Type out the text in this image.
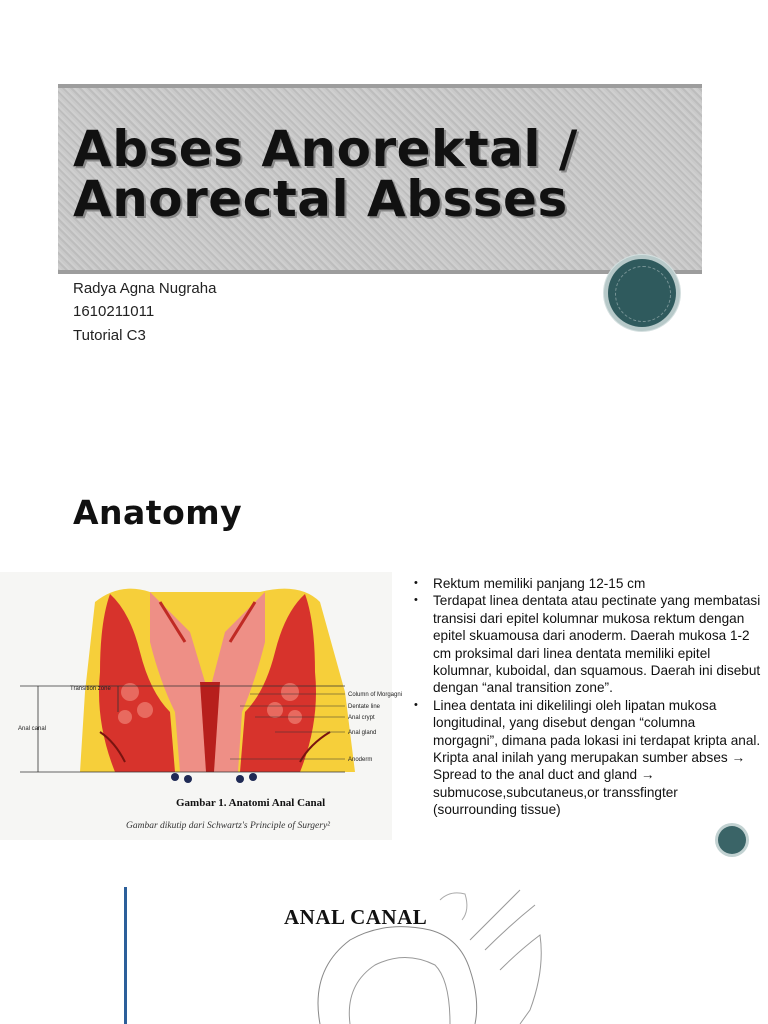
Abses Anorektal /
Anorectal Absses
Radya Agna Nugraha
1610211011
Tutorial C3
Anatomy
Transition zone
Anal canal
Column of Morgagni
Dentate line
Anal crypt
Anal gland
Anoderm
Gambar 1. Anatomi Anal Canal
Gambar dikutip dari Schwartz's Principle of Surgery²
• Rektum memiliki panjang 12-15 cm
• Terdapat linea dentata atau pectinate yang membatasi transisi dari epitel kolumnar mukosa rektum dengan epitel skuamousa dari anoderm. Daerah mukosa 1-2 cm proksimal dari linea dentata memiliki epitel kolumnar, kuboidal, dan squamous. Daerah ini disebut dengan “anal transition zone”.
• Linea dentata ini dikelilingi oleh lipatan mukosa longitudinal, yang disebut dengan “columna morgagni”, dimana pada lokasi ini terdapat kripta anal. Kripta anal inilah yang merupakan sumber abses → Spread to the anal duct and gland → submucose,subcutaneus,or transsfingter (sourrounding tissue)
ANAL CANAL
